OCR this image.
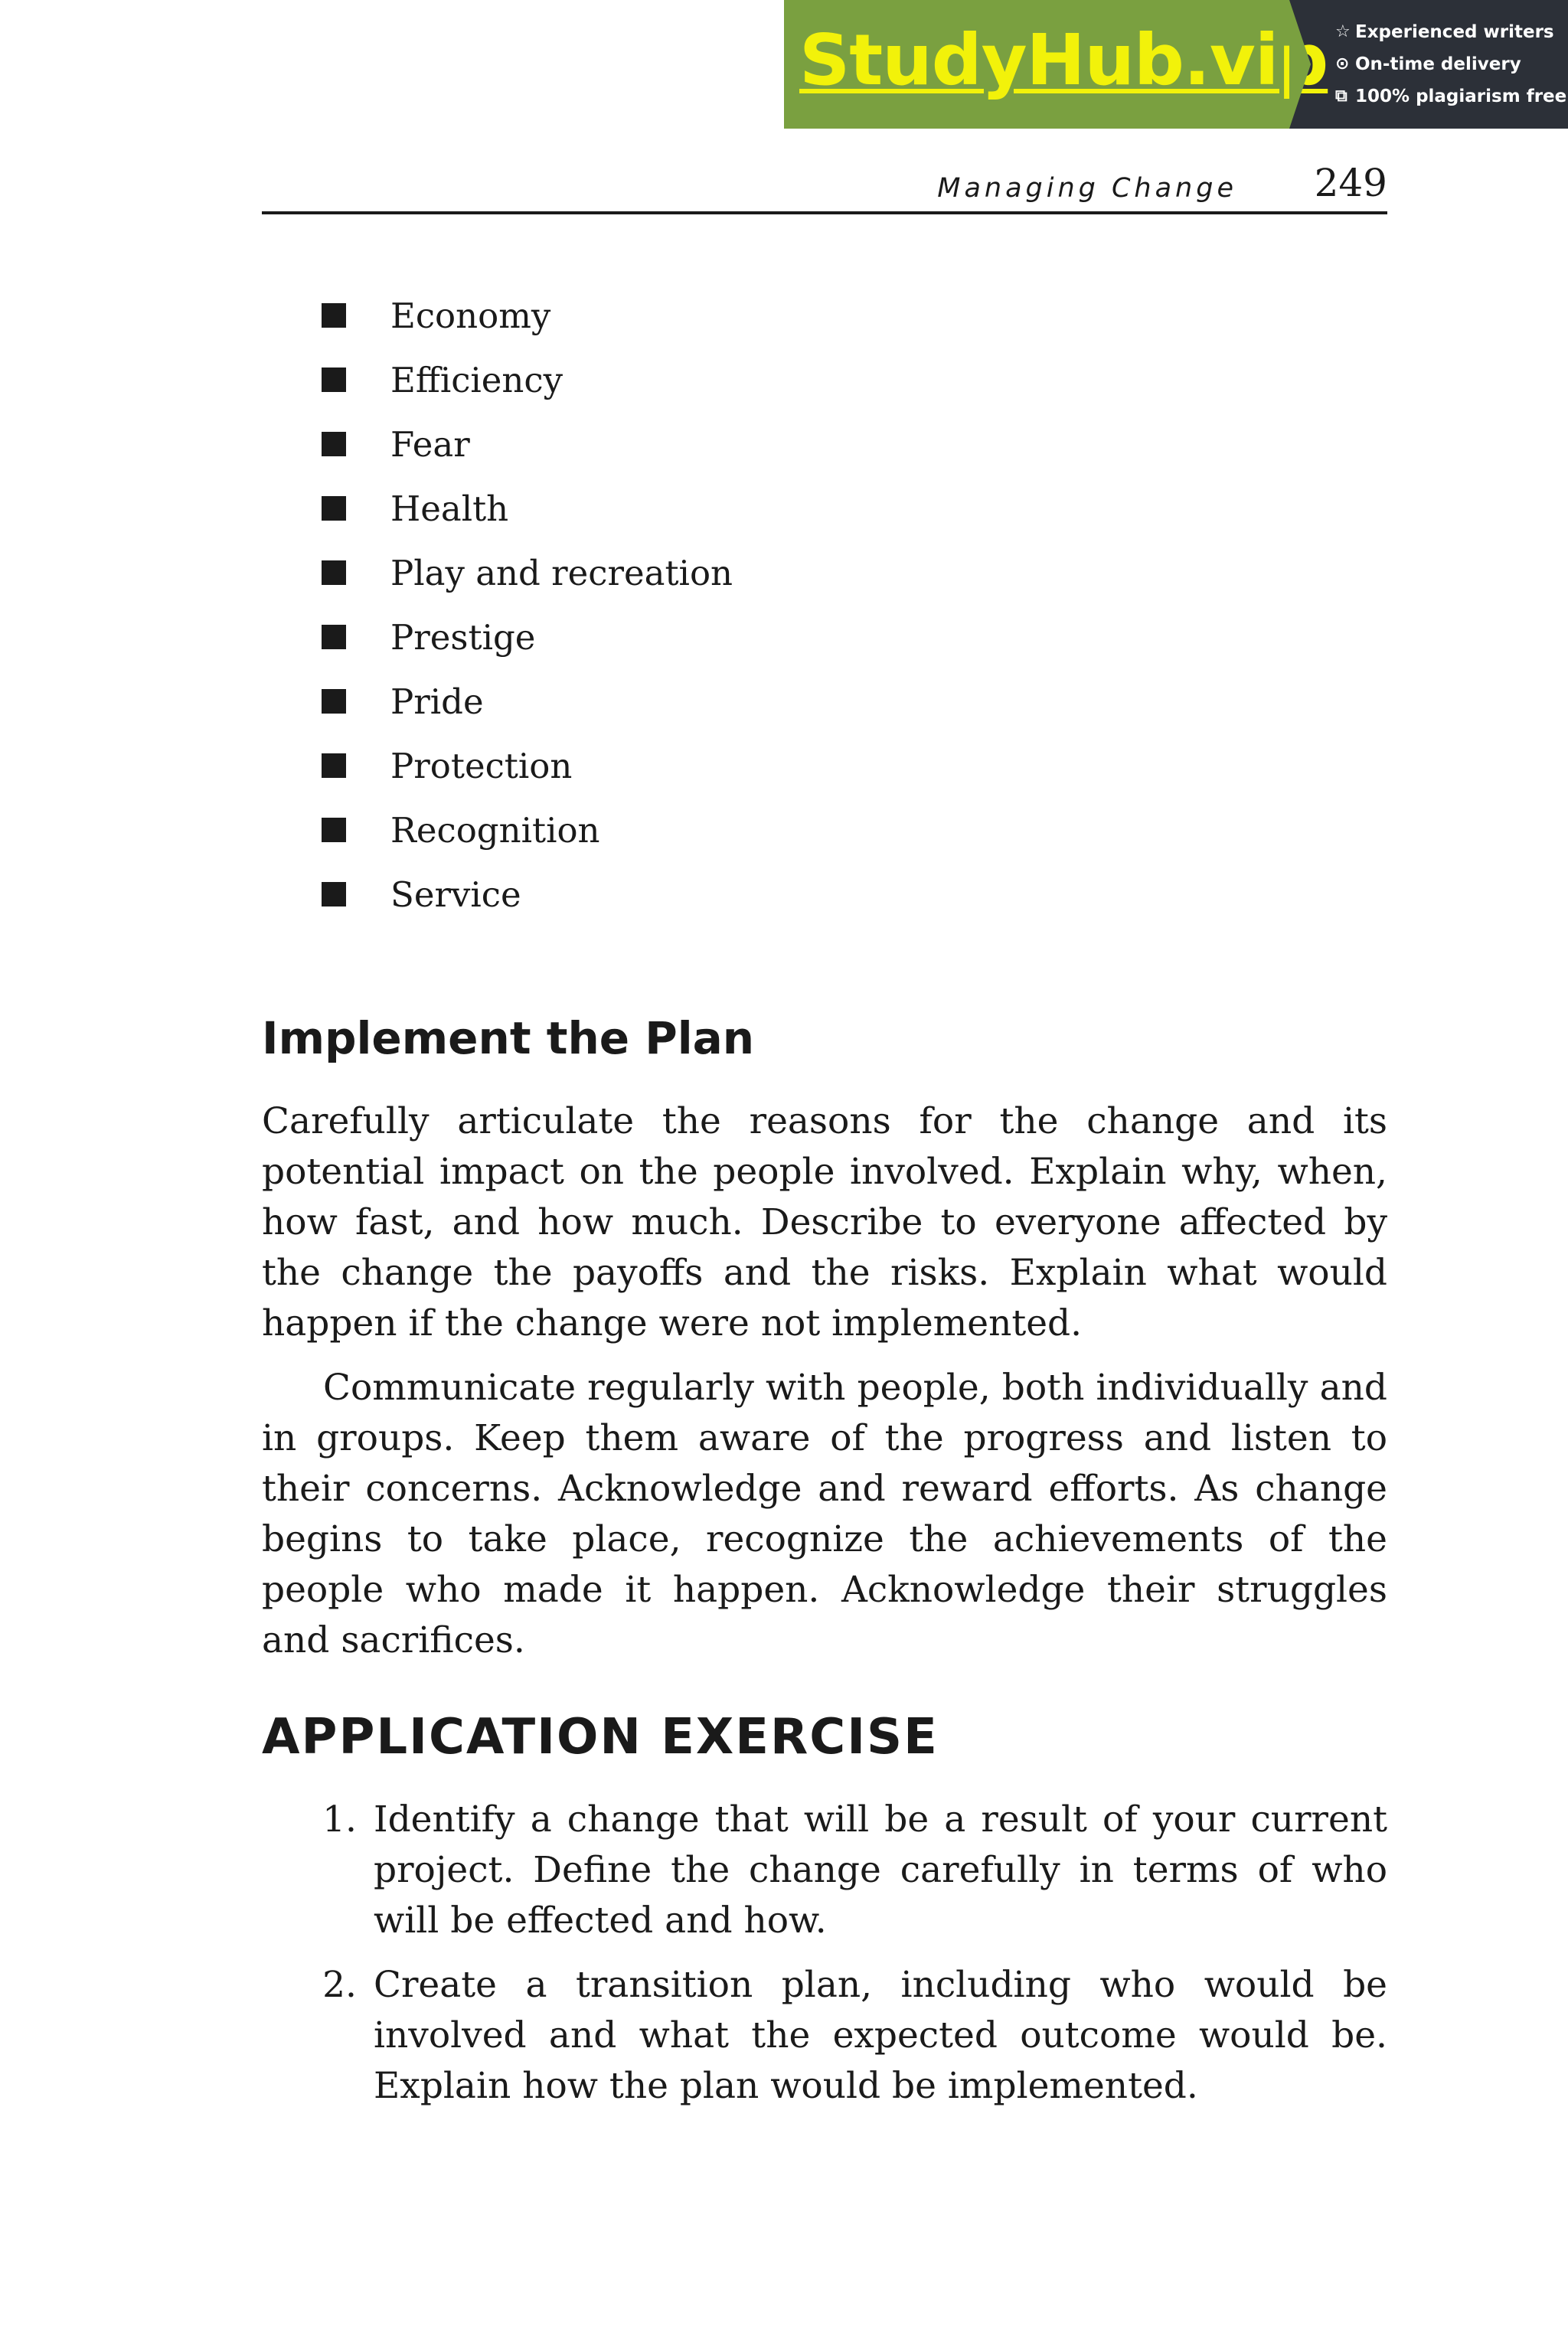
StudyHub.vip ☆ Experienced writers
⊙ On-time delivery
⧉ 100% plagiarism free
Managing Change 249
Economy
Efficiency
Fear
Health
Play and recreation
Prestige
Pride
Protection
Recognition
Service
Implement the Plan

Carefully articulate the reasons for the change and its potential impact on the people involved. Explain why, when, how fast, and how much. Describe to everyone affected by the change the payoffs and the risks. Explain what would happen if the change were not implemented.

Communicate regularly with people, both individually and in groups. Keep them aware of the progress and listen to their concerns. Acknowledge and reward efforts. As change begins to take place, recognize the achievements of the people who made it happen. Acknowledge their struggles and sacrifices.

APPLICATION EXERCISE
1. Identify a change that will be a result of your current project. Define the change carefully in terms of who will be effected and how.
2. Create a transition plan, including who would be involved and what the expected outcome would be. Explain how the plan would be implemented.
